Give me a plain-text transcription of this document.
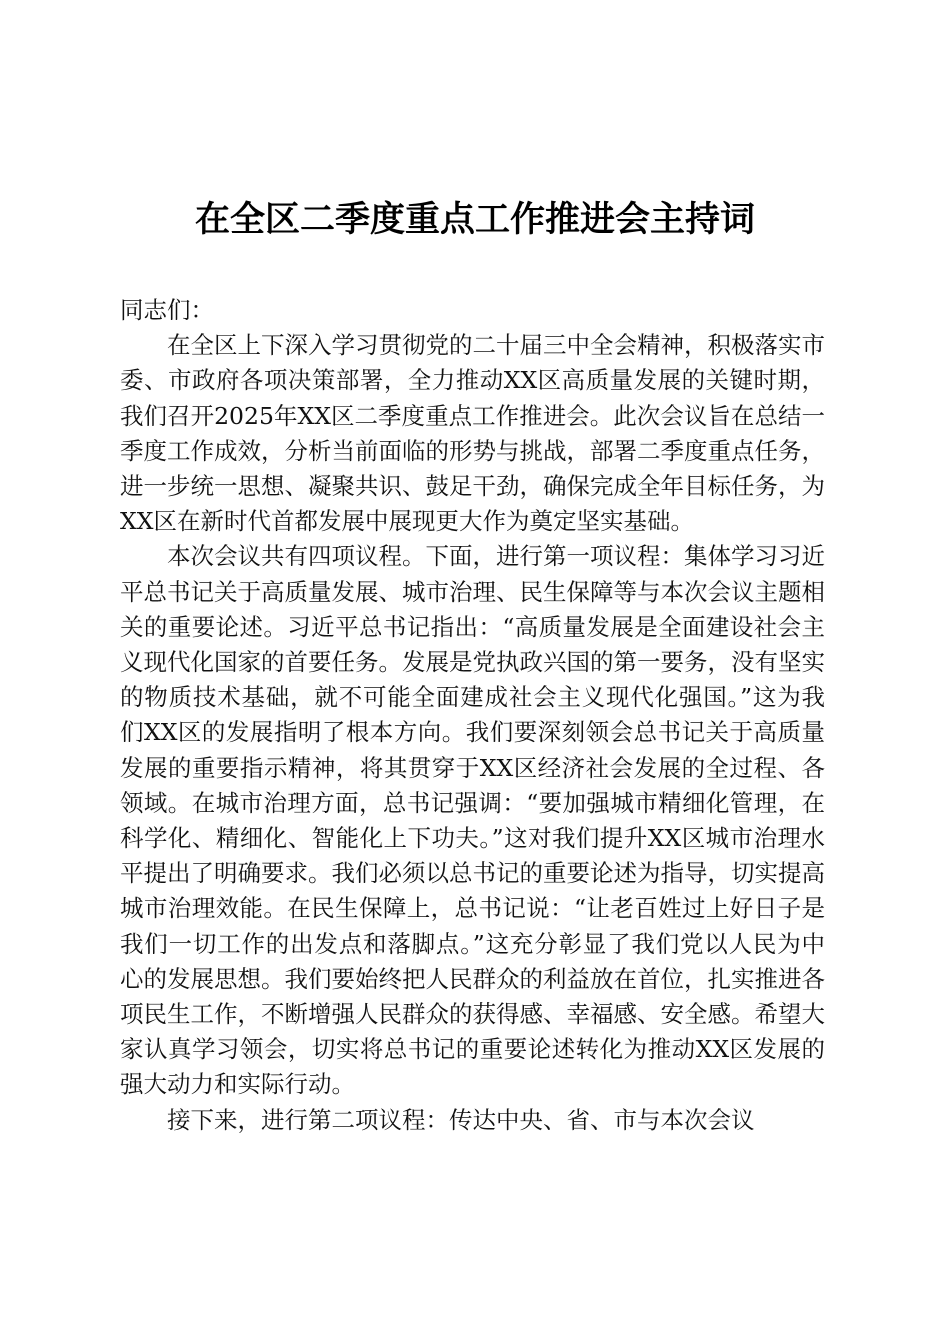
在全区二季度重点工作推进会主持词

同志们：

在全区上下深入学习贯彻党的二十届三中全会精神，积极落实市委、市政府各项决策部署，全力推动XX区高质量发展的关键时期，我们召开2025年XX区二季度重点工作推进会。此次会议旨在总结一季度工作成效，分析当前面临的形势与挑战，部署二季度重点任务，进一步统一思想、凝聚共识、鼓足干劲，确保完成全年目标任务，为XX区在新时代首都发展中展现更大作为奠定坚实基础。

本次会议共有四项议程。下面，进行第一项议程：集体学习习近平总书记关于高质量发展、城市治理、民生保障等与本次会议主题相关的重要论述。习近平总书记指出：“高质量发展是全面建设社会主义现代化国家的首要任务。发展是党执政兴国的第一要务，没有坚实的物质技术基础，就不可能全面建成社会主义现代化强国。”这为我们XX区的发展指明了根本方向。我们要深刻领会总书记关于高质量发展的重要指示精神，将其贯穿于XX区经济社会发展的全过程、各领域。在城市治理方面，总书记强调：“要加强城市精细化管理，在科学化、精细化、智能化上下功夫。”这对我们提升XX区城市治理水平提出了明确要求。我们必须以总书记的重要论述为指导，切实提高城市治理效能。在民生保障上，总书记说：“让老百姓过上好日子是我们一切工作的出发点和落脚点。”这充分彰显了我们党以人民为中心的发展思想。我们要始终把人民群众的利益放在首位，扎实推进各项民生工作，不断增强人民群众的获得感、幸福感、安全感。希望大家认真学习领会，切实将总书记的重要论述转化为推动XX区发展的强大动力和实际行动。

接下来，进行第二项议程：传达中央、省、市与本次会议
